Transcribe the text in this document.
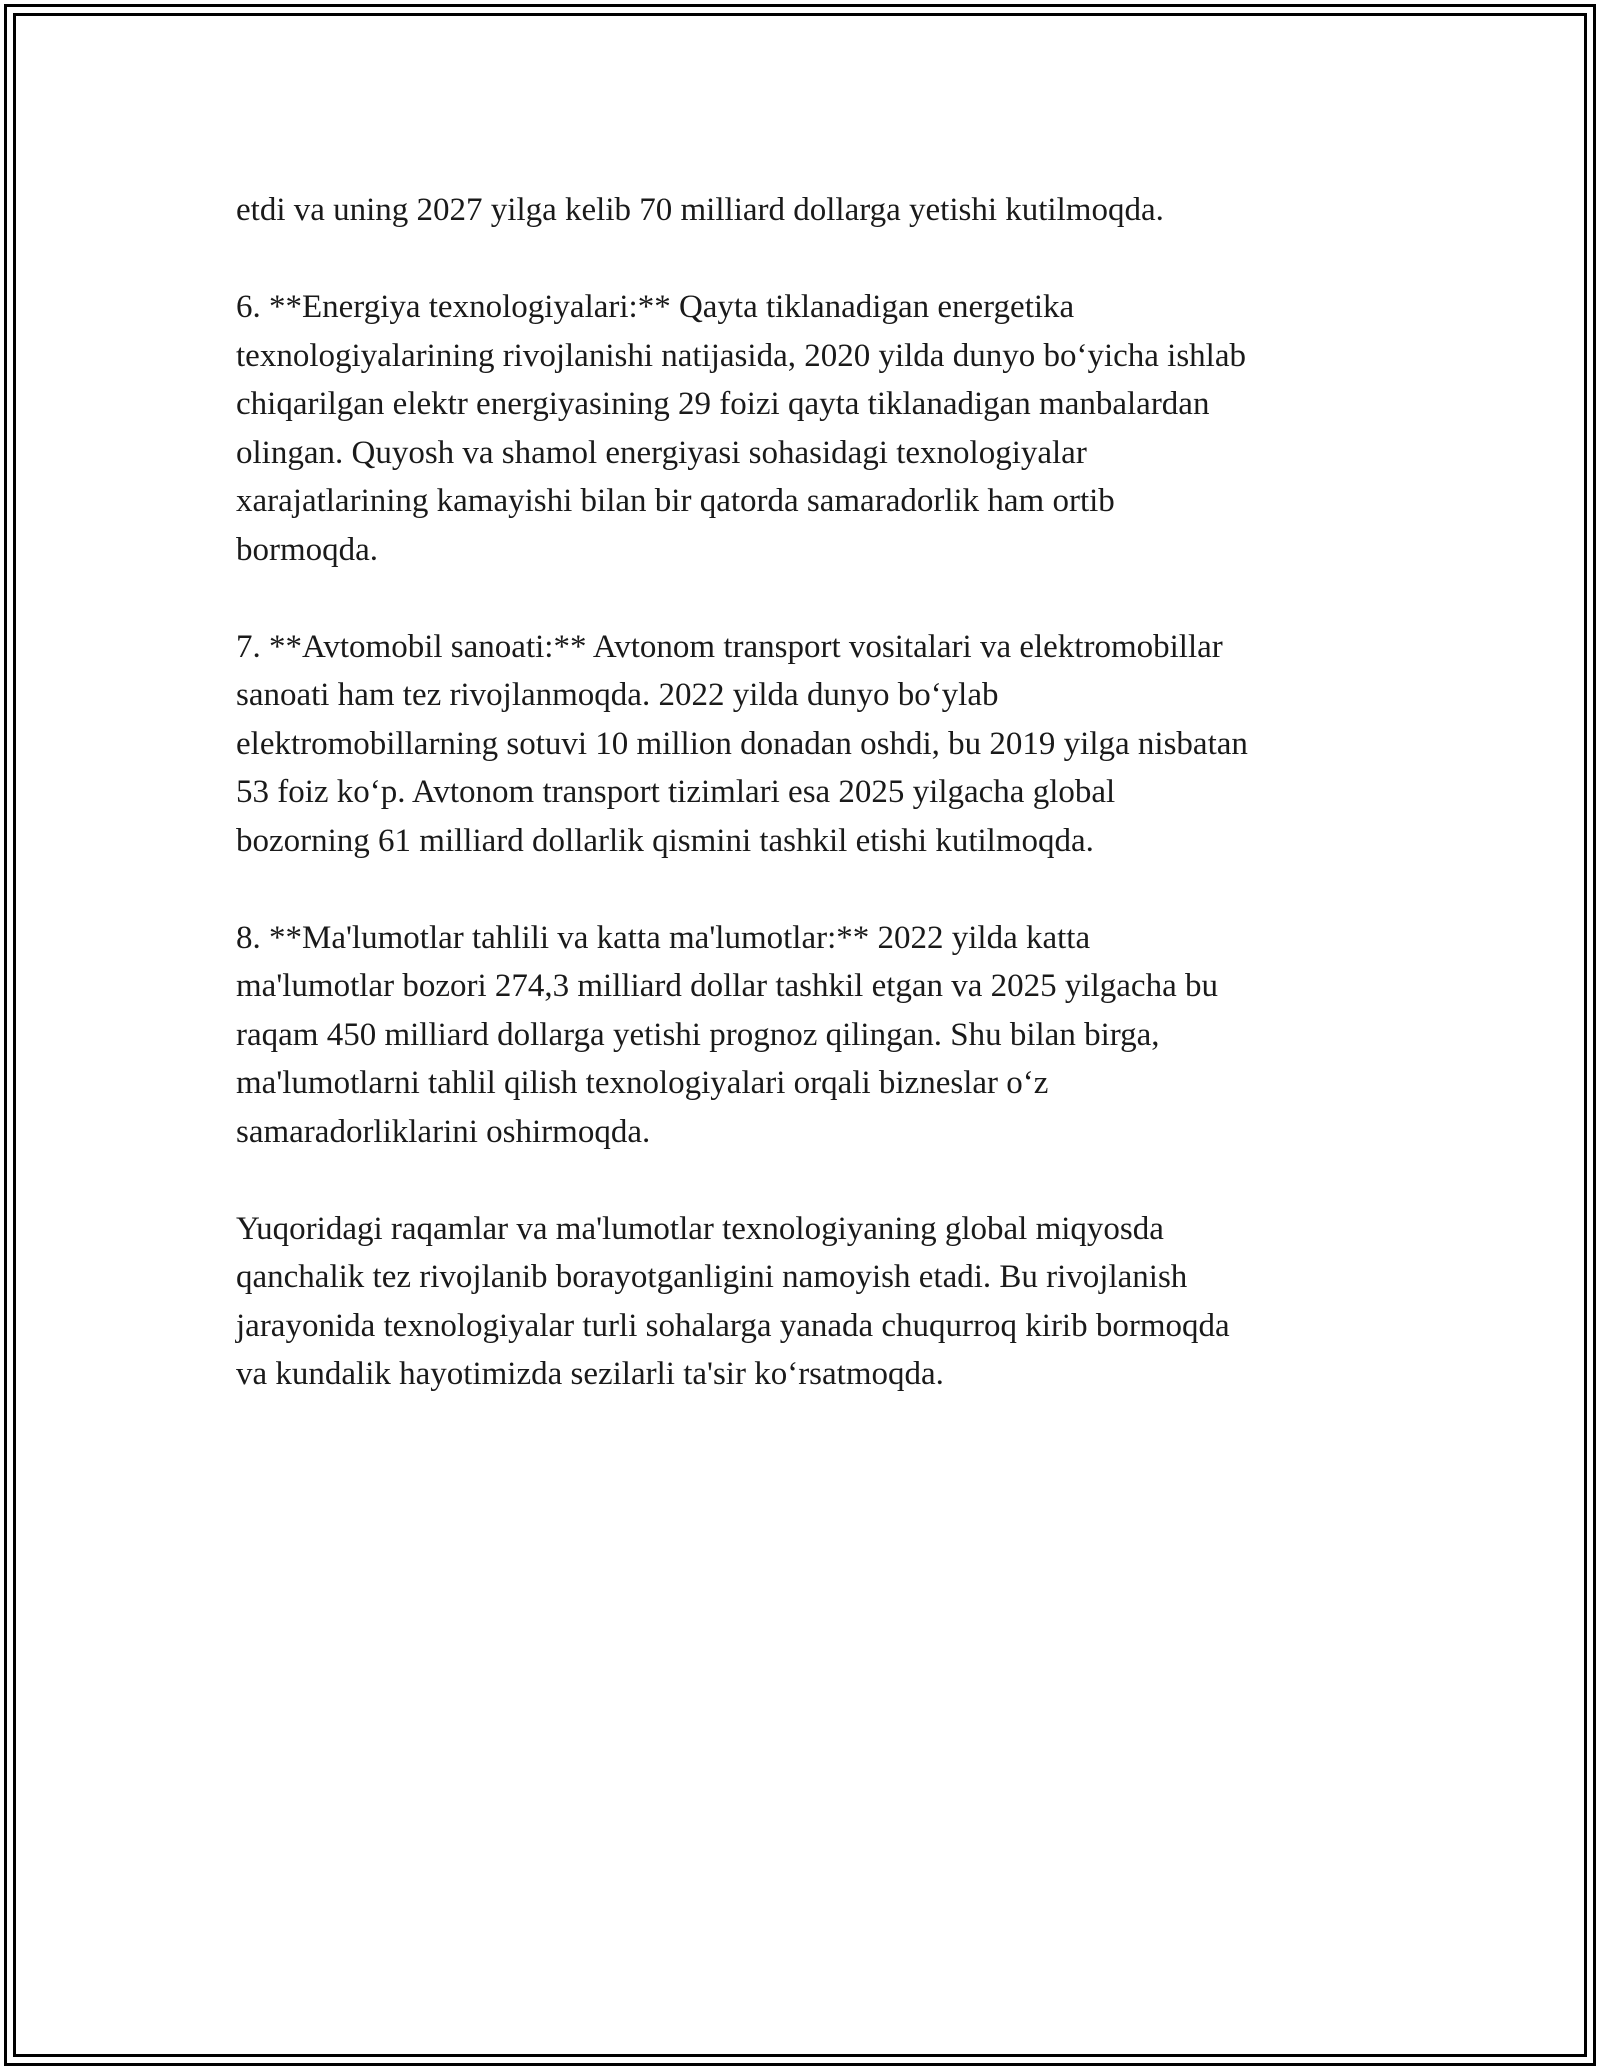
etdi va uning 2027 yilga kelib 70 milliard dollarga yetishi kutilmoqda.

6. **Energiya texnologiyalari:** Qayta tiklanadigan energetika
texnologiyalarining rivojlanishi natijasida, 2020 yilda dunyo bo‘yicha ishlab
chiqarilgan elektr energiyasining 29 foizi qayta tiklanadigan manbalardan
olingan. Quyosh va shamol energiyasi sohasidagi texnologiyalar
xarajatlarining kamayishi bilan bir qatorda samaradorlik ham ortib
bormoqda.

7. **Avtomobil sanoati:** Avtonom transport vositalari va elektromobillar
sanoati ham tez rivojlanmoqda. 2022 yilda dunyo bo‘ylab
elektromobillarning sotuvi 10 million donadan oshdi, bu 2019 yilga nisbatan
53 foiz ko‘p. Avtonom transport tizimlari esa 2025 yilgacha global
bozorning 61 milliard dollarlik qismini tashkil etishi kutilmoqda.

8. **Ma'lumotlar tahlili va katta ma'lumotlar:** 2022 yilda katta
ma'lumotlar bozori 274,3 milliard dollar tashkil etgan va 2025 yilgacha bu
raqam 450 milliard dollarga yetishi prognoz qilingan. Shu bilan birga,
ma'lumotlarni tahlil qilish texnologiyalari orqali bizneslar o‘z
samaradorliklarini oshirmoqda.

Yuqoridagi raqamlar va ma'lumotlar texnologiyaning global miqyosda
qanchalik tez rivojlanib borayotganligini namoyish etadi. Bu rivojlanish
jarayonida texnologiyalar turli sohalarga yanada chuqurroq kirib bormoqda
va kundalik hayotimizda sezilarli ta'sir ko‘rsatmoqda.
